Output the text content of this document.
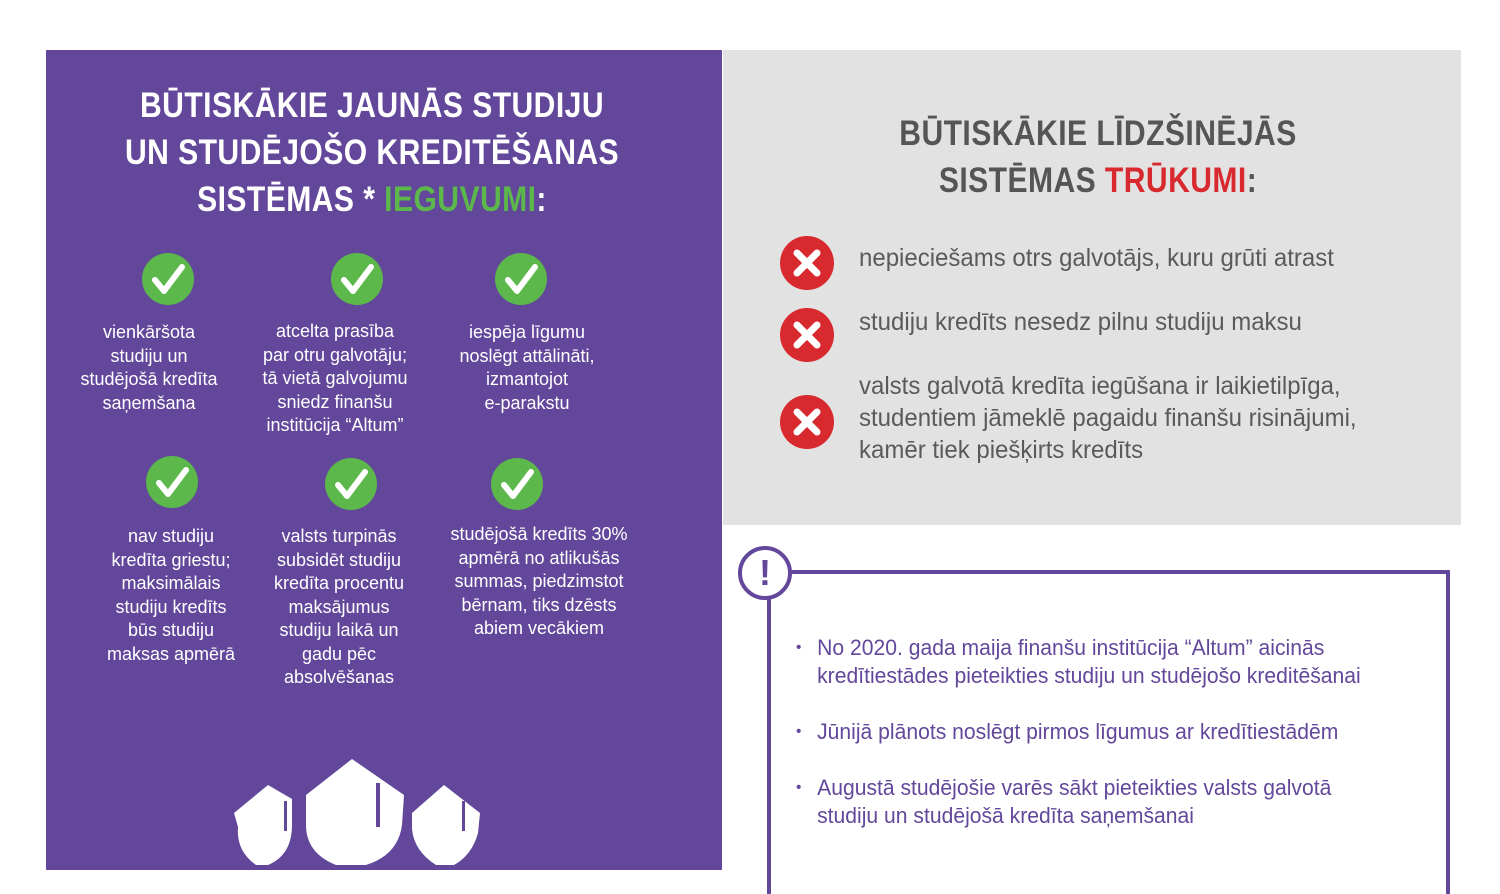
BŪTISKĀKIE JAUNĀS STUDIJU
UN STUDĒJOŠO KREDITĒŠANAS
SISTĒMAS * IEGUVUMI:
vienkāršota
studiju un
studējošā kredīta
saņemšana
atcelta prasība
par otru galvotāju;
tā vietā galvojumu
sniedz finanšu
institūcija “Altum”
iespēja līgumu
noslēgt attālināti,
izmantojot
e-parakstu
nav studiju
kredīta griestu;
maksimālais
studiju kredīts
būs studiju
maksas apmērā
valsts turpinās
subsidēt studiju
kredīta procentu
maksājumus
studiju laikā un
gadu pēc
absolvēšanas
studējošā kredīts 30%
apmērā no atlikušās
summas, piedzimstot
bērnam, tiks dzēsts
abiem vecākiem
BŪTISKĀKIE LĪDZŠINĒJĀS
SISTĒMAS TRŪKUMI:
nepieciešams otrs galvotājs, kuru grūti atrast
studiju kredīts nesedz pilnu studiju maksu
valsts galvotā kredīta iegūšana ir laikietilpīga,
studentiem jāmeklē pagaidu finanšu risinājumi,
kamēr tiek piešķirts kredīts
!
• No 2020. gada maija finanšu institūcija “Altum” aicinās
kredītiestādes pieteikties studiju un studējošo kreditēšanai
• Jūnijā plānots noslēgt pirmos līgumus ar kredītiestādēm
• Augustā studējošie varēs sākt pieteikties valsts galvotā
studiju un studējošā kredīta saņemšanai
